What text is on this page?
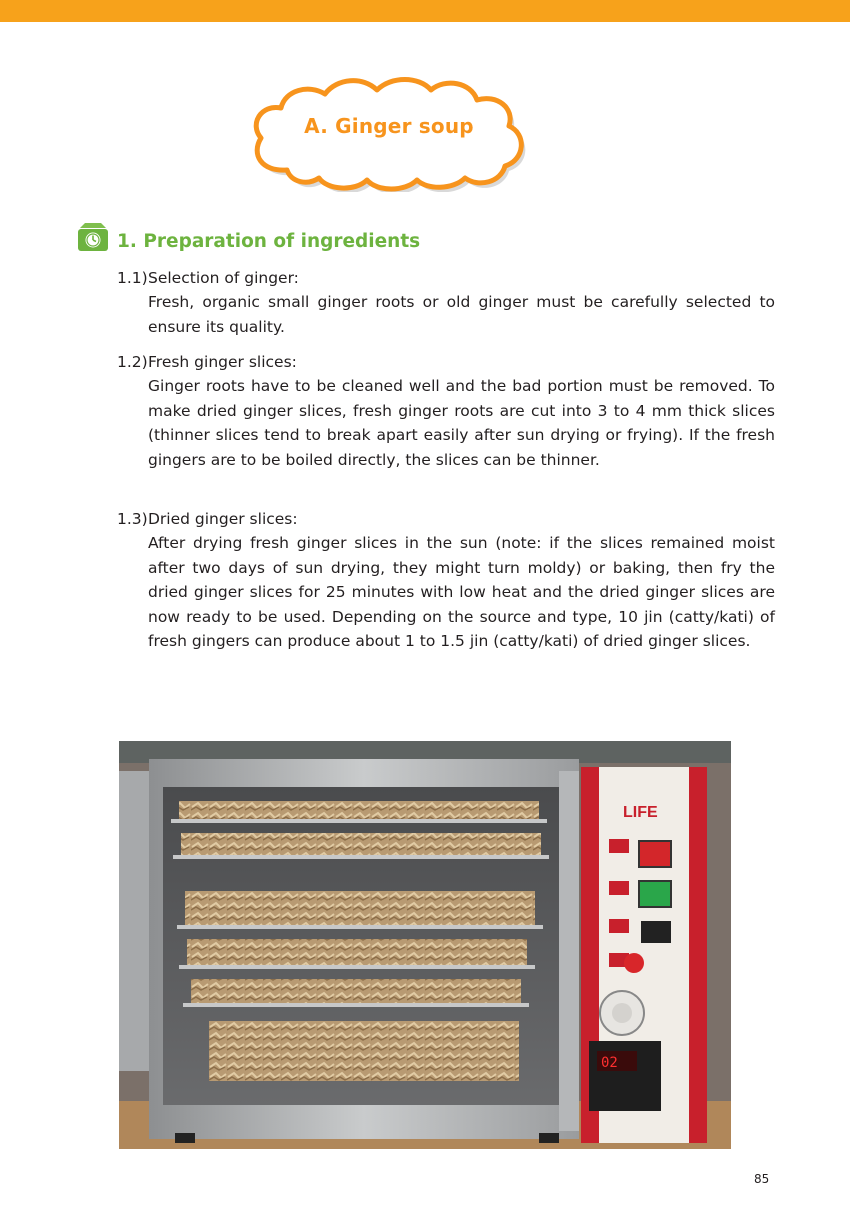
A. Ginger soup
1. Preparation of ingredients
1.1)Selection of ginger:
Fresh, organic small ginger roots or old ginger must be carefully selected to ensure its quality.
1.2)Fresh ginger slices:
Ginger roots have to be cleaned well and the bad portion must be removed. To make dried ginger slices, fresh ginger roots are cut into 3 to 4 mm thick slices (thinner slices tend to break apart easily after sun drying or frying). If the fresh gingers are to be boiled directly, the slices can be thinner.
1.3)Dried ginger slices:
After drying fresh ginger slices in the sun (note: if the slices remained moist after two days of sun drying, they might turn moldy) or baking, then fry the dried ginger slices for 25 minutes with low heat and the dried ginger slices are now ready to be used. Depending on the source and type, 10 jin (catty/kati) of fresh gingers can produce about 1 to 1.5 jin (catty/kati) of dried ginger slices.
LIFE
02
85
